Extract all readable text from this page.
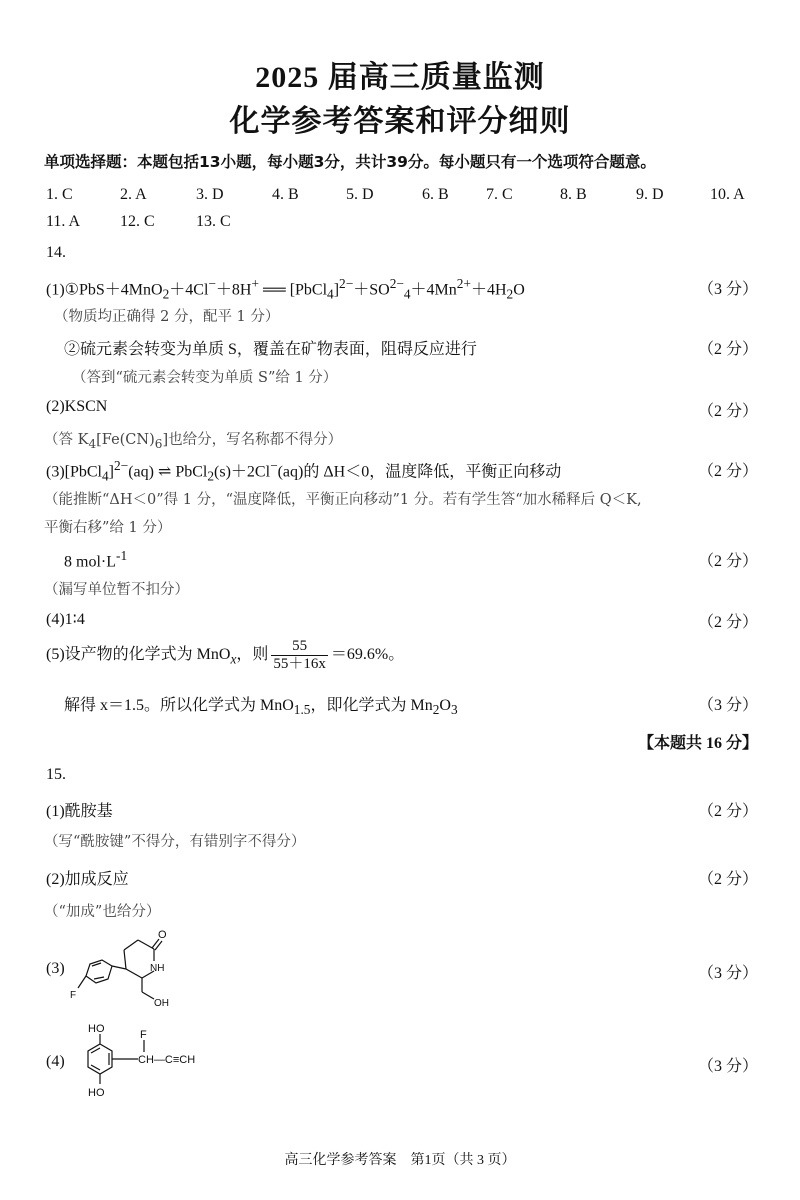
2025 届高三质量监测
化学参考答案和评分细则
单项选择题：本题包括13小题，每小题3分，共计39分。每小题只有一个选项符合题意。
1. C	2. A	3. D	4. B	5. D	6. B 7. C	8. B	9. D	10. A
11. A 12. C	13. C
14.
(1)①PbS＋4MnO$_2$＋4Cl−＋8H+ ══ $[PbCl_4]^{2-}+SO^{2-}_4+4Mn^{2+}+4H_2O$	（3 分）
（物质均正确得 2 分，配平 1 分）
②硫元素会转变为单质 S，覆盖在矿物表面，阻碍反应进行	（2 分）
（答到“硫元素会转变为单质 S”给 1 分）
(2)KSCN	（2 分）
（答 $K_4[Fe(CN)_6]$也给分，写名称都不得分）
(3)[PbCl$_4$]$^{2-}$(aq) ⇌ PbCl$_2$(s)＋2Cl−(aq)的 ΔH＜0，温度降低，平衡正向移动	（2 分）
（能推断“ΔH＜0”得 1 分，“温度降低，平衡正向移动”1 分。若有学生答“加水稀释后 Q＜K,
平衡右移”给 1 分）
8 $mol\cdot L^{-1}$	（2 分）
（漏写单位暂不扣分）
(4)1∶4	（2 分）
(5)设产物的化学式为 MnO$_x$，则 $\frac{55}{55+16x} =69.6\%$。
解得 x＝1.5。所以化学式为 MnO$_{1.5}$，即化学式为 $Mn_2O_3$	（3 分）
【本题共 16 分】
15.
(1)酰胺基	（2 分）
（写“酰胺键”不得分，有错别字不得分）
(2)加成反应	（2 分）
（“加成”也给分）
(3)	（3 分）
O
NH
F
OH
(4)	（3 分）
HO
HO
F
CH—C≡CH
高三化学参考答案　第1页（共 3 页）
